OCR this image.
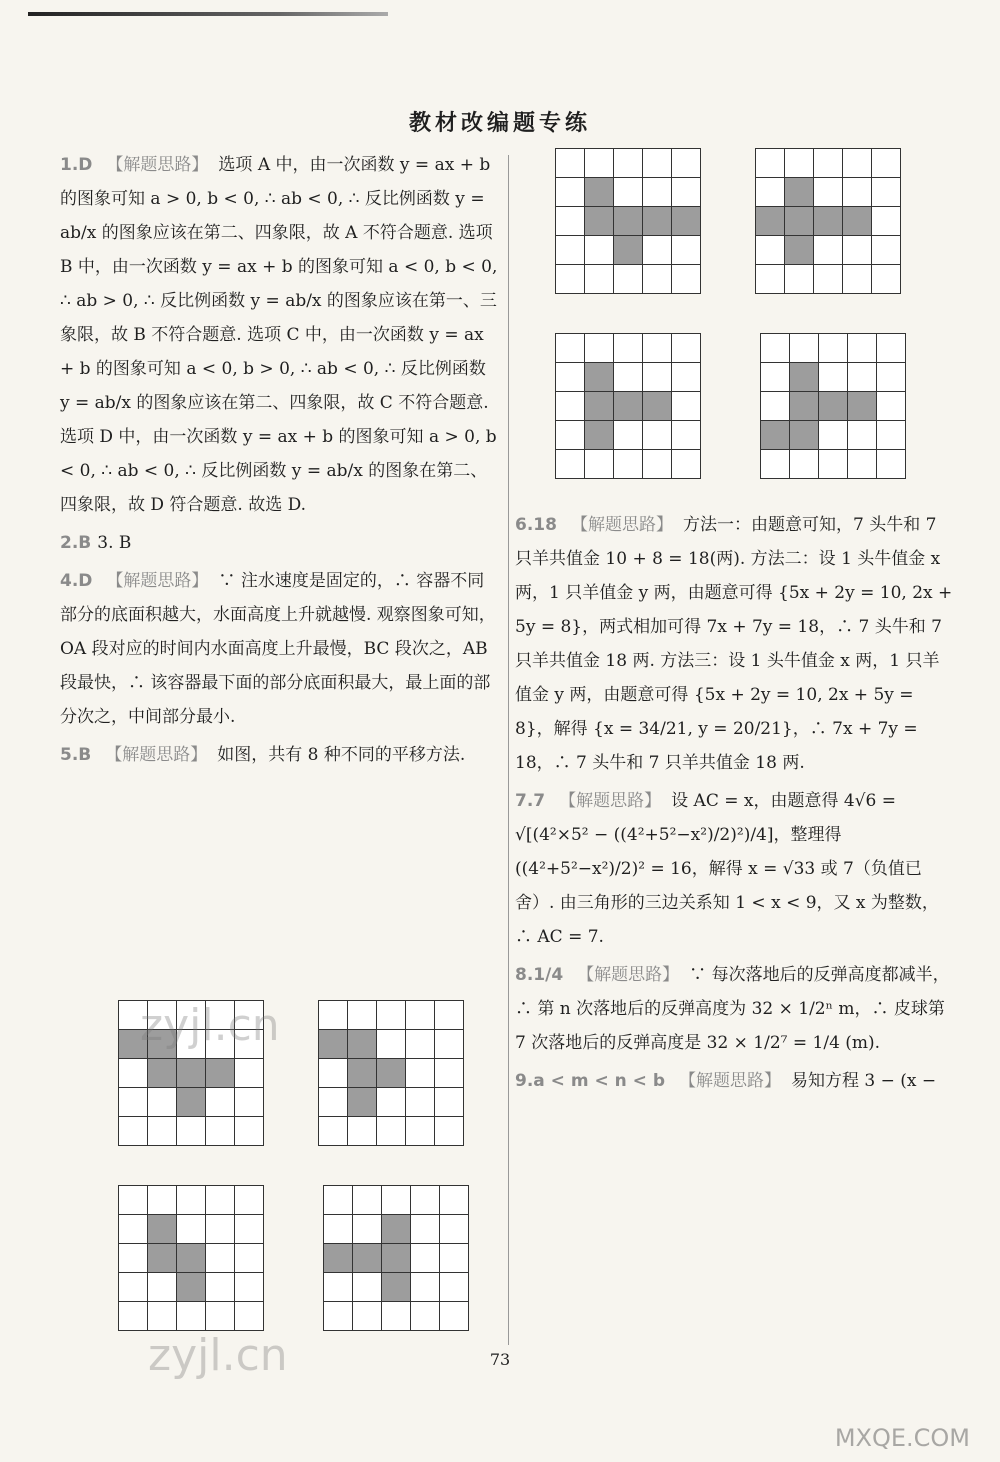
教材改编题专练
1.D 【解题思路】 选项 A 中，由一次函数 y = ax + b 的图象可知 a > 0, b < 0, ∴ ab < 0, ∴ 反比例函数 y = ab/x 的图象应该在第二、四象限，故 A 不符合题意. 选项 B 中，由一次函数 y = ax + b 的图象可知 a < 0, b < 0, ∴ ab > 0, ∴ 反比例函数 y = ab/x 的图象应该在第一、三象限，故 B 不符合题意. 选项 C 中，由一次函数 y = ax + b 的图象可知 a < 0, b > 0, ∴ ab < 0, ∴ 反比例函数 y = ab/x 的图象应该在第二、四象限，故 C 不符合题意. 选项 D 中，由一次函数 y = ax + b 的图象可知 a > 0, b < 0, ∴ ab < 0, ∴ 反比例函数 y = ab/x 的图象在第二、四象限，故 D 符合题意. 故选 D.
2.B 3. B
4.D 【解题思路】 ∵ 注水速度是固定的，∴ 容器不同部分的底面积越大，水面高度上升就越慢. 观察图象可知，OA 段对应的时间内水面高度上升最慢，BC 段次之，AB 段最快，∴ 该容器最下面的部分底面积最大，最上面的部分次之，中间部分最小.
5.B 【解题思路】 如图，共有 8 种不同的平移方法.
6.18 【解题思路】 方法一：由题意可知，7 头牛和 7 只羊共值金 10 + 8 = 18(两). 方法二：设 1 头牛值金 x 两，1 只羊值金 y 两，由题意可得 {5x + 2y = 10, 2x + 5y = 8}，两式相加可得 7x + 7y = 18，∴ 7 头牛和 7 只羊共值金 18 两. 方法三：设 1 头牛值金 x 两，1 只羊值金 y 两，由题意可得 {5x + 2y = 10, 2x + 5y = 8}，解得 {x = 34/21, y = 20/21}，∴ 7x + 7y = 18，∴ 7 头牛和 7 只羊共值金 18 两.
7.7 【解题思路】 设 AC = x，由题意得 4√6 = √[(4²×5² − ((4²+5²−x²)/2)²)/4]，整理得 ((4²+5²−x²)/2)² = 16，解得 x = √33 或 7（负值已舍）. 由三角形的三边关系知 1 < x < 9，又 x 为整数，∴ AC = 7.
8.1/4 【解题思路】 ∵ 每次落地后的反弹高度都减半，∴ 第 n 次落地后的反弹高度为 32 × 1/2ⁿ m，∴ 皮球第 7 次落地后的反弹高度是 32 × 1/2⁷ = 1/4 (m).
9.a < m < n < b 【解题思路】 易知方程 3 − (x −
73
zyjl.cn
zyjl.cn
MXQE.COM
